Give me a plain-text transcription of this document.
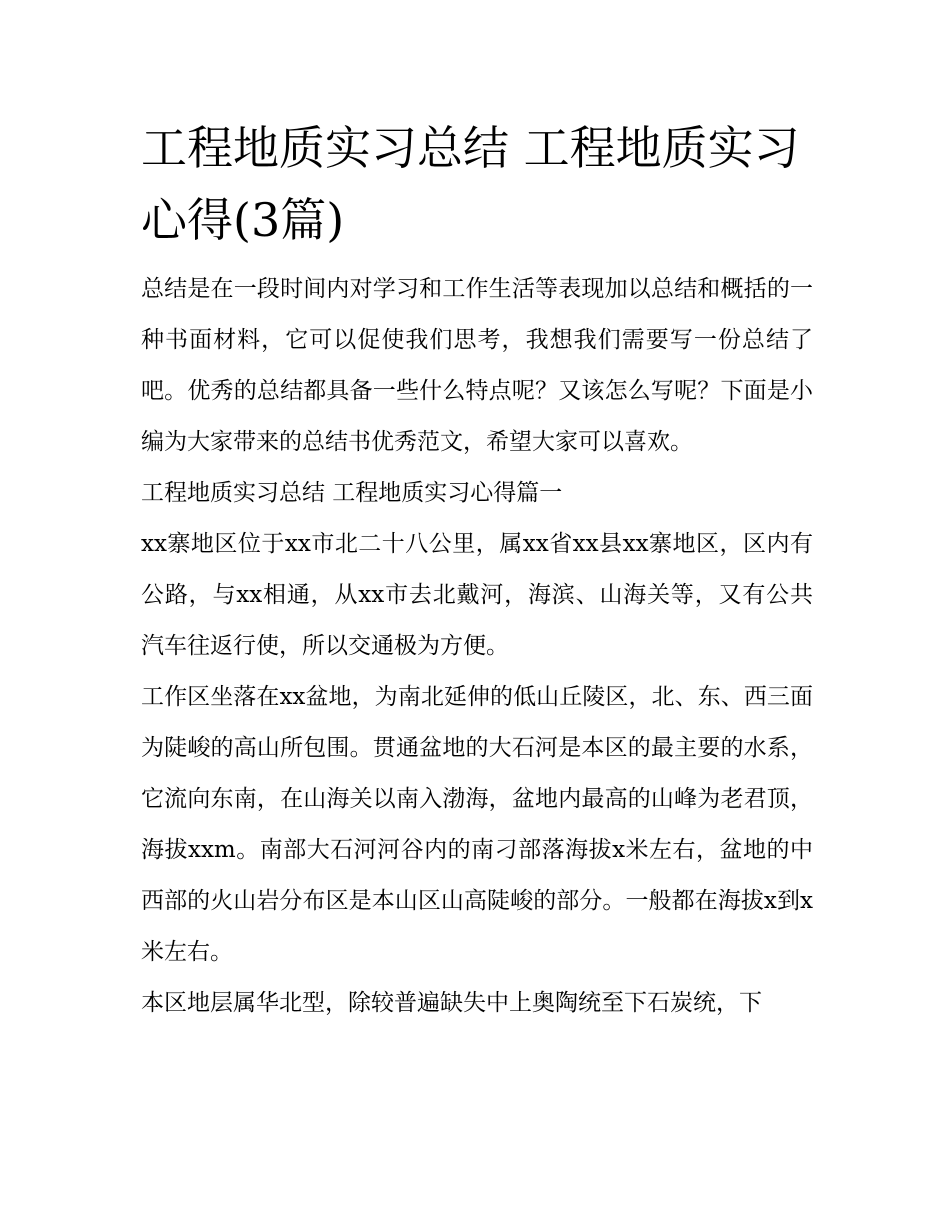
工程地质实习总结 工程地质实习心得(3篇)

总结是在一段时间内对学习和工作生活等表现加以总结和概括的一种书面材料，它可以促使我们思考，我想我们需要写一份总结了吧。优秀的总结都具备一些什么特点呢？又该怎么写呢？下面是小编为大家带来的总结书优秀范文，希望大家可以喜欢。

工程地质实习总结 工程地质实习心得篇一

xx寨地区位于xx市北二十八公里，属xx省xx县xx寨地区，区内有公路，与xx相通，从xx市去北戴河，海滨、山海关等，又有公共汽车往返行使，所以交通极为方便。

工作区坐落在xx盆地，为南北延伸的低山丘陵区，北、东、西三面为陡峻的高山所包围。贯通盆地的大石河是本区的最主要的水系，它流向东南，在山海关以南入渤海，盆地内最高的山峰为老君顶，海拔xxm。南部大石河河谷内的南刁部落海拔x米左右，盆地的中西部的火山岩分布区是本山区山高陡峻的部分。一般都在海拔x到x米左右。

本区地层属华北型，除较普遍缺失中上奥陶统至下石炭统，下
